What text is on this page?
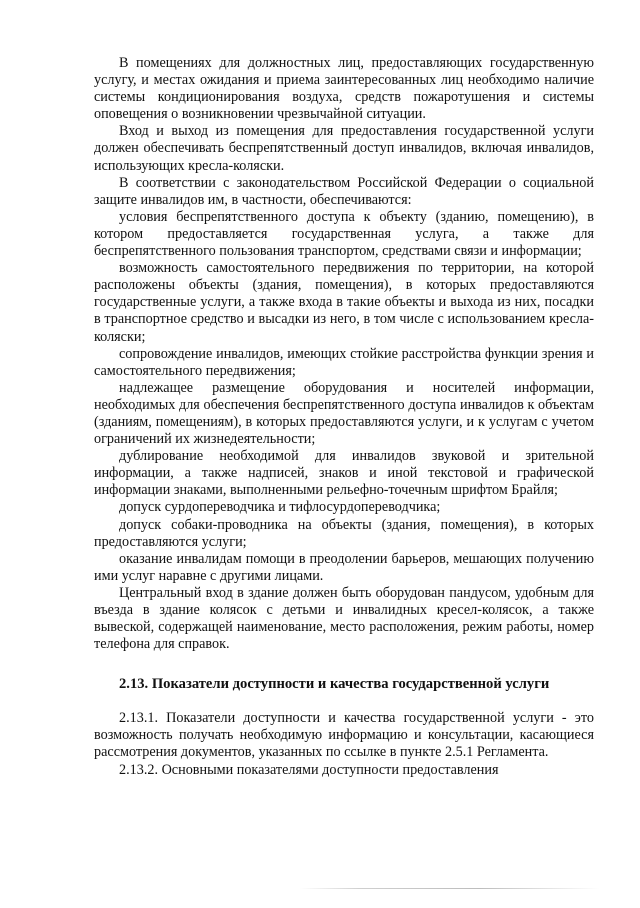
В помещениях для должностных лиц, предоставляющих государственную услугу, и местах ожидания и приема заинтересованных лиц необходимо наличие системы кондиционирования воздуха, средств пожаротушения и системы оповещения о возникновении чрезвычайной ситуации.

Вход и выход из помещения для предоставления государственной услуги должен обеспечивать беспрепятственный доступ инвалидов, включая инвалидов, использующих кресла-коляски.

В соответствии с законодательством Российской Федерации о социальной защите инвалидов им, в частности, обеспечиваются:

условия беспрепятственного доступа к объекту (зданию, помещению), в котором предоставляется государственная услуга, а также для беспрепятственного пользования транспортом, средствами связи и информации;

возможность самостоятельного передвижения по территории, на которой расположены объекты (здания, помещения), в которых предоставляются государственные услуги, а также входа в такие объекты и выхода из них, посадки в транспортное средство и высадки из него, в том числе с использованием кресла-коляски;

сопровождение инвалидов, имеющих стойкие расстройства функции зрения и самостоятельного передвижения;

надлежащее размещение оборудования и носителей информации, необходимых для обеспечения беспрепятственного доступа инвалидов к объектам (зданиям, помещениям), в которых предоставляются услуги, и к услугам с учетом ограничений их жизнедеятельности;

дублирование необходимой для инвалидов звуковой и зрительной информации, а также надписей, знаков и иной текстовой и графической информации знаками, выполненными рельефно-точечным шрифтом Брайля;

допуск сурдопереводчика и тифлосурдопереводчика;

допуск собаки-проводника на объекты (здания, помещения), в которых предоставляются услуги;

оказание инвалидам помощи в преодолении барьеров, мешающих получению ими услуг наравне с другими лицами.

Центральный вход в здание должен быть оборудован пандусом, удобным для въезда в здание колясок с детьми и инвалидных кресел-колясок, а также вывеской, содержащей наименование, место расположения, режим работы, номер телефона для справок.

2.13. Показатели доступности и качества государственной услуги

2.13.1. Показатели доступности и качества государственной услуги - это возможность получать необходимую информацию и консультации, касающиеся рассмотрения документов, указанных по ссылке в пункте 2.5.1 Регламента.

2.13.2. Основными показателями доступности предоставления
